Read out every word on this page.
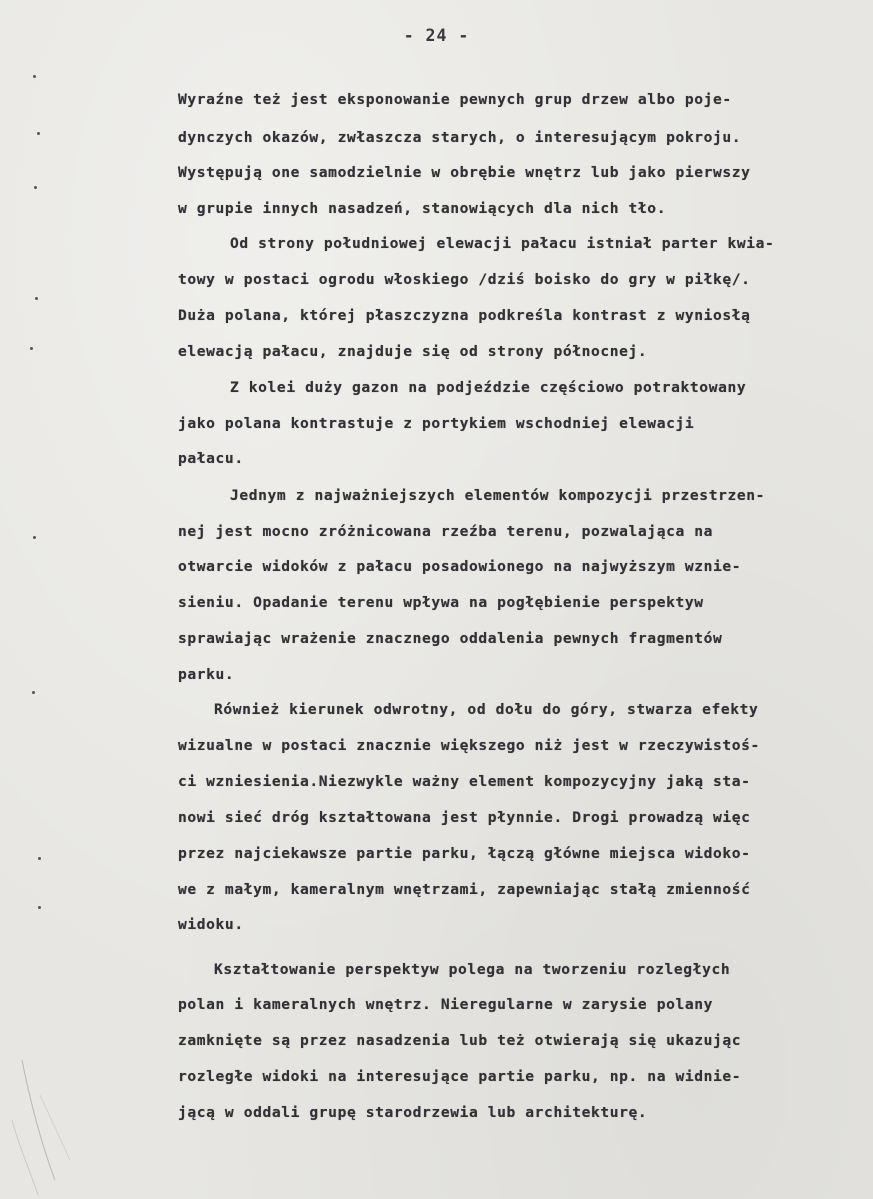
- 24 -
Wyraźne też jest eksponowanie pewnych grup drzew albo poje-
dynczych okazów, zwłaszcza starych, o interesującym pokroju.
Występują one samodzielnie w obrębie wnętrz lub jako pierwszy
w grupie innych nasadzeń, stanowiących dla nich tło.
Od strony południowej elewacji pałacu istniał parter kwia-
towy w postaci ogrodu włoskiego /dziś boisko do gry w piłkę/.
Duża polana, której płaszczyzna podkreśla kontrast z wyniosłą
elewacją pałacu, znajduje się od strony północnej.
Z kolei duży gazon na podjeździe częściowo potraktowany
jako polana kontrastuje z portykiem wschodniej elewacji
pałacu.
Jednym z najważniejszych elementów kompozycji przestrzen-
nej jest mocno zróżnicowana rzeźba terenu, pozwalająca na
otwarcie widoków z pałacu posadowionego na najwyższym wznie-
sieniu. Opadanie terenu wpływa na pogłębienie perspektyw
sprawiając wrażenie znacznego oddalenia pewnych fragmentów
parku.
Również kierunek odwrotny, od dołu do góry, stwarza efekty
wizualne w postaci znacznie większego niż jest w rzeczywistoś-
ci wzniesienia.Niezwykle ważny element kompozycyjny jaką sta-
nowi sieć dróg kształtowana jest płynnie. Drogi prowadzą więc
przez najciekawsze partie parku, łączą główne miejsca widoko-
we z małym, kameralnym wnętrzami, zapewniając stałą zmienność
widoku.
Kształtowanie perspektyw polega na tworzeniu rozległych
polan i kameralnych wnętrz. Nieregularne w zarysie polany
zamknięte są przez nasadzenia lub też otwierają się ukazując
rozległe widoki na interesujące partie parku, np. na widnie-
jącą w oddali grupę starodrzewia lub architekturę.
